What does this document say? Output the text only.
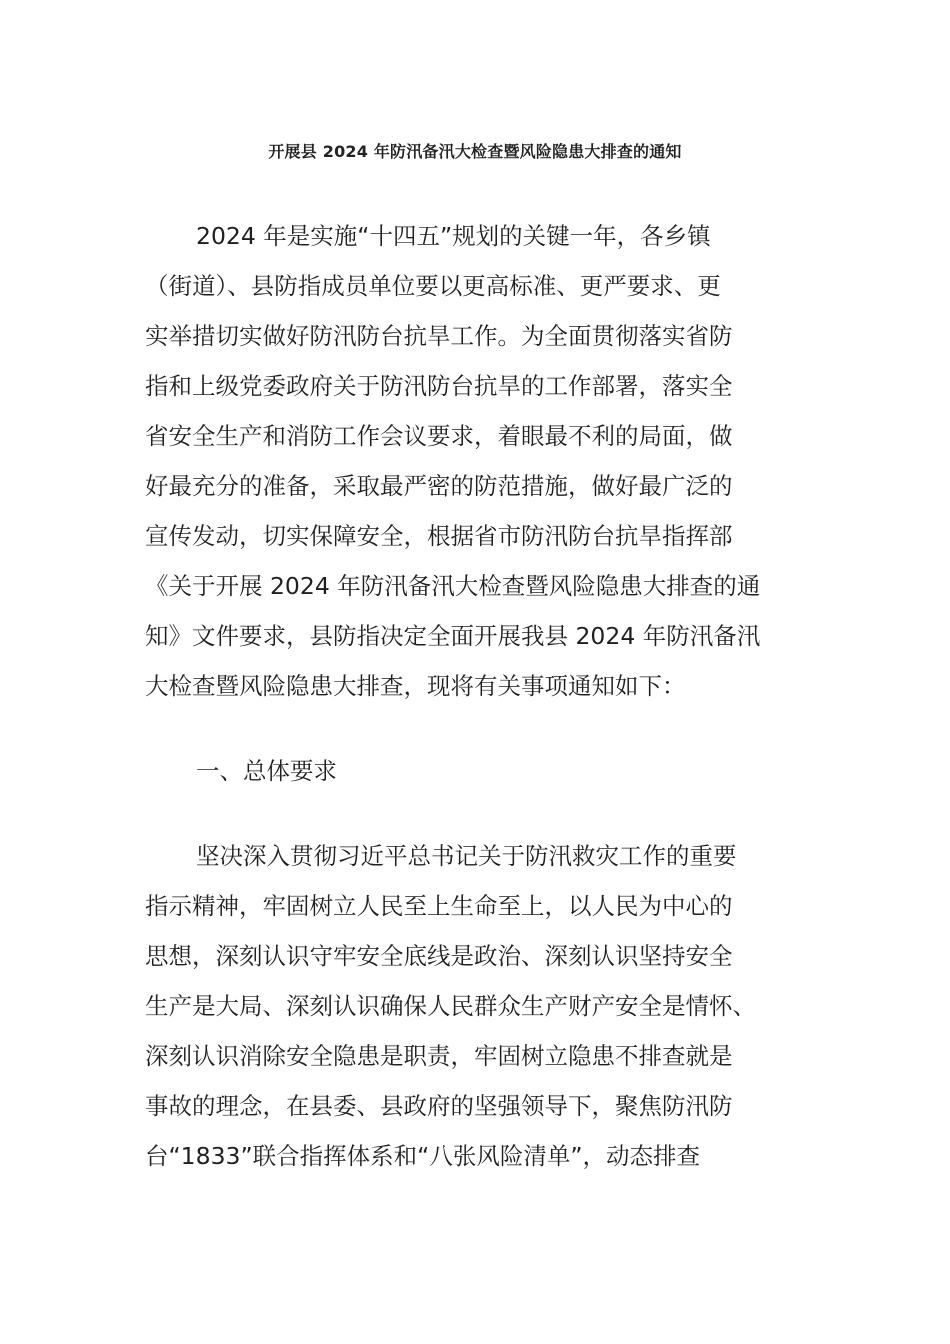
开展县 2024 年防汛备汛大检查暨风险隐患大排查的通知
2024 年是实施“十四五”规划的关键一年，各乡镇
（街道）、县防指成员单位要以更高标准、更严要求、更
实举措切实做好防汛防台抗旱工作。为全面贯彻落实省防
指和上级党委政府关于防汛防台抗旱的工作部署，落实全
省安全生产和消防工作会议要求，着眼最不利的局面，做
好最充分的准备，采取最严密的防范措施，做好最广泛的
宣传发动，切实保障安全，根据省市防汛防台抗旱指挥部
《关于开展 2024 年防汛备汛大检查暨风险隐患大排查的通
知》文件要求，县防指决定全面开展我县 2024 年防汛备汛
大检查暨风险隐患大排查，现将有关事项通知如下：
一、总体要求
坚决深入贯彻习近平总书记关于防汛救灾工作的重要
指示精神，牢固树立人民至上生命至上，以人民为中心的
思想，深刻认识守牢安全底线是政治、深刻认识坚持安全
生产是大局、深刻认识确保人民群众生产财产安全是情怀、
深刻认识消除安全隐患是职责，牢固树立隐患不排查就是
事故的理念，在县委、县政府的坚强领导下，聚焦防汛防
台“1833”联合指挥体系和“八张风险清单”，动态排查
